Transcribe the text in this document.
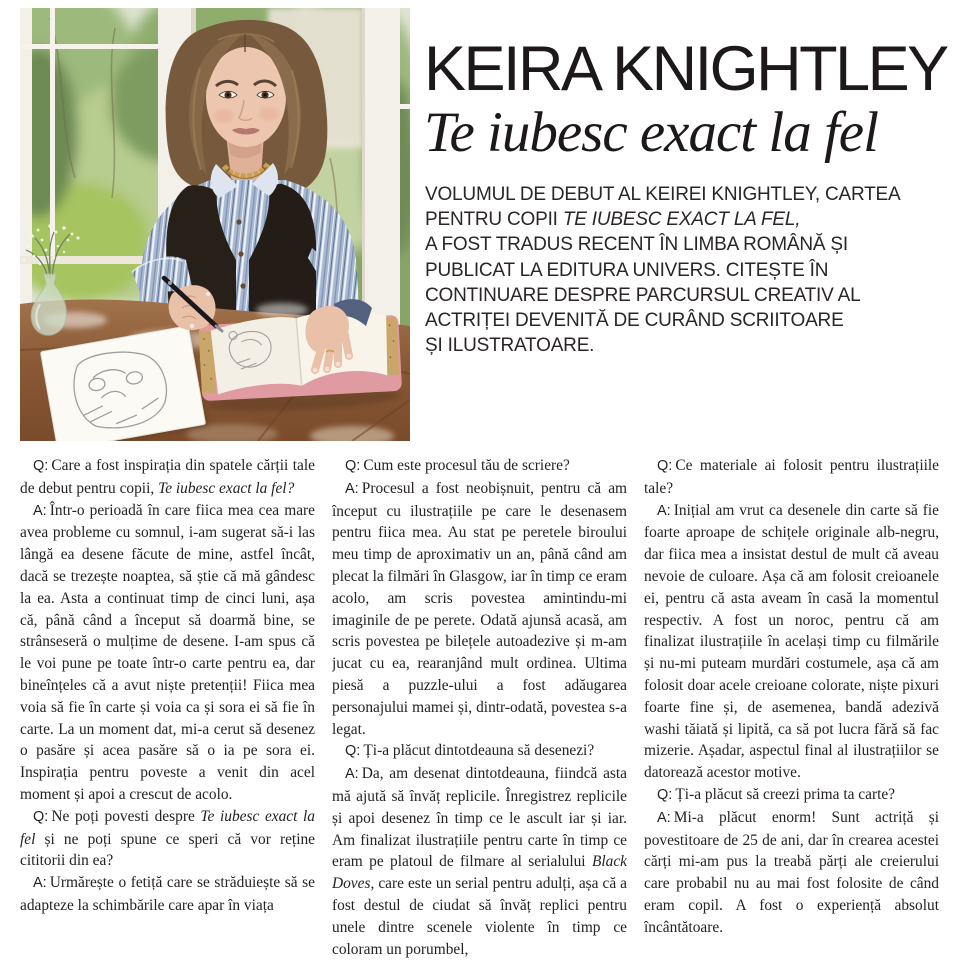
KEIRA KNIGHTLEY
Te iubesc exact la fel
VOLUMUL DE DEBUT AL KEIREI KNIGHTLEY, CARTEA
PENTRU COPII TE IUBESC EXACT LA FEL,
A FOST TRADUS RECENT ÎN LIMBA ROMÂNĂ ȘI
PUBLICAT LA EDITURA UNIVERS. CITEȘTE ÎN
CONTINUARE DESPRE PARCURSUL CREATIV AL
ACTRIȚEI DEVENITĂ DE CURÂND SCRIITOARE
ȘI ILUSTRATOARE.

Q:  Care a fost inspirația din spatele cărții tale de debut pentru copii, Te iubesc exact la fel?

A:  Într-o perioadă în care fiica mea cea mare avea probleme cu somnul, i-am sugerat să-i las lângă ea desene făcute de mine, astfel încât, dacă se trezește noaptea, să știe că mă gândesc la ea. Asta a continuat timp de cinci luni, așa că, până când a început să doarmă bine, se strânseseră o mulțime de desene. I-am spus că le voi pune pe toate într-o carte pentru ea, dar bineînțeles că a avut niște pretenții! Fiica mea voia să fie în carte și voia ca și sora ei să fie în carte. La un moment dat, mi-a cerut să desenez o pasăre și acea pasăre să o ia pe sora ei. Inspirația pentru poveste a venit din acel moment și apoi a crescut de acolo.

Q:  Ne poți povesti despre Te iubesc exact la fel și ne poți spune ce speri că vor reține cititorii din ea?

A:  Urmărește o fetiță care se străduiește să se adapteze la schimbările care apar în viața

Q:  Cum este procesul tău de scriere?

A:  Procesul a fost neobișnuit, pentru că am început cu ilustrațiile pe care le desenasem pentru fiica mea. Au stat pe peretele biroului meu timp de aproximativ un an, până când am plecat la filmări în Glasgow, iar în timp ce eram acolo, am scris povestea amintindu-mi imaginile de pe perete. Odată ajunsă acasă, am scris povestea pe bilețele autoadezive și m-am jucat cu ea, rearanjând mult ordinea. Ultima piesă a puzzle-ului a fost adăugarea personajului mamei și, dintr-odată, povestea s-a legat.

Q:  Ți-a plăcut dintotdeauna să desenezi?

A:  Da, am desenat dintotdeauna, fiindcă asta mă ajută să învăț replicile. Înregistrez replicile și apoi desenez în timp ce le ascult iar și iar. Am finalizat ilustrațiile pentru carte în timp ce eram pe platoul de filmare al serialului Black Doves, care este un serial pentru adulți, așa că a fost destul de ciudat să învăț replici pentru unele dintre scenele violente în timp ce coloram un porumbel,

Q:  Ce materiale ai folosit pentru ilustrațiile tale?

A:  Inițial am vrut ca desenele din carte să fie foarte aproape de schițele originale alb-negru, dar fiica mea a insistat destul de mult că aveau nevoie de culoare. Așa că am folosit creioanele ei, pentru că asta aveam în casă la momentul respectiv. A fost un noroc, pentru că am finalizat ilustrațiile în același timp cu filmările și nu-mi puteam murdări costumele, așa că am folosit doar acele creioane colorate, niște pixuri foarte fine și, de asemenea, bandă adezivă washi tăiată și lipită, ca să pot lucra fără să fac mizerie. Așadar, aspectul final al ilustrațiilor se datorează acestor motive.

Q:  Ți-a plăcut să creezi prima ta carte?

A:  Mi-a plăcut enorm! Sunt actriță și povestitoare de 25 de ani, dar în crearea acestei cărți mi-am pus la treabă părți ale creierului care probabil nu au mai fost folosite de când eram copil. A fost o experiență absolut încântătoare.
